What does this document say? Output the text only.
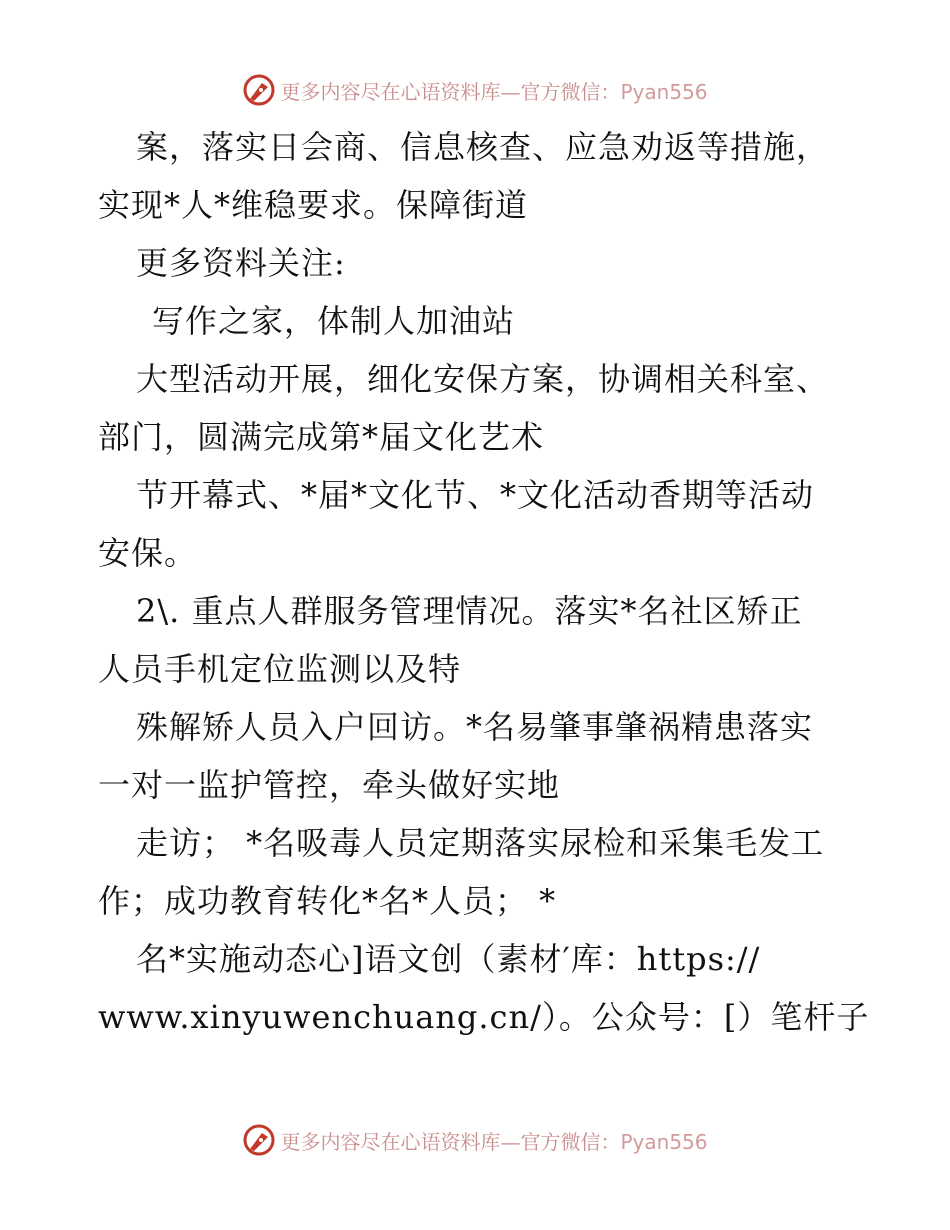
更多内容尽在心语资料库—官方微信：Pyan556
案，落实日会商、信息核查、应急劝返等措施，
实现*人*维稳要求。保障街道
更多资料关注:
写作之家，体制人加油站
大型活动开展，细化安保方案，协调相关科室、
部门，圆满完成第*届文化艺术
节开幕式、*届*文化节、*文化活动香期等活动
安保。
2\. 重点人群服务管理情况。落实*名社区矫正
人员手机定位监测以及特
殊解矫人员入户回访。*名易肇事肇祸精患落实
一对一监护管控，牵头做好实地
走访； *名吸毒人员定期落实尿检和采集毛发工
作；成功教育转化*名*人员； *
名*实施动态心]语文创（素材′库：https://
www.xinyuwenchuang.cn/）。公众号：[）笔杆子
更多内容尽在心语资料库—官方微信：Pyan556
